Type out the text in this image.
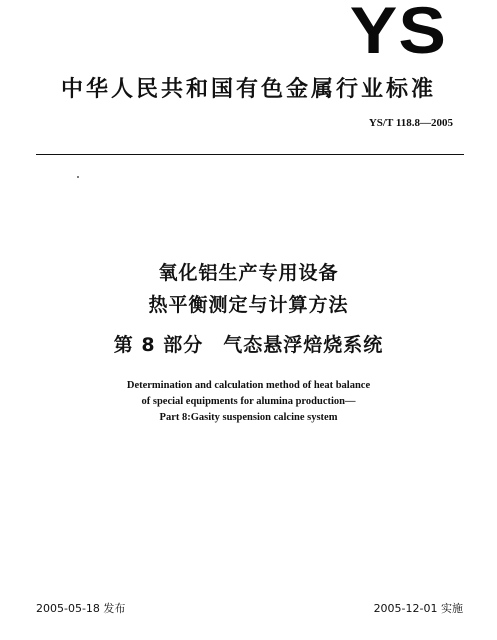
YS
中华人民共和国有色金属行业标准
YS/T 118.8—2005
氧化铝生产专用设备
热平衡测定与计算方法
第 8 部分　气态悬浮焙烧系统
Determination and calculation method of heat balance
of special equipments for alumina production—
Part 8:Gasity suspension calcine system
2005-05-18 发布	2005-12-01 实施
